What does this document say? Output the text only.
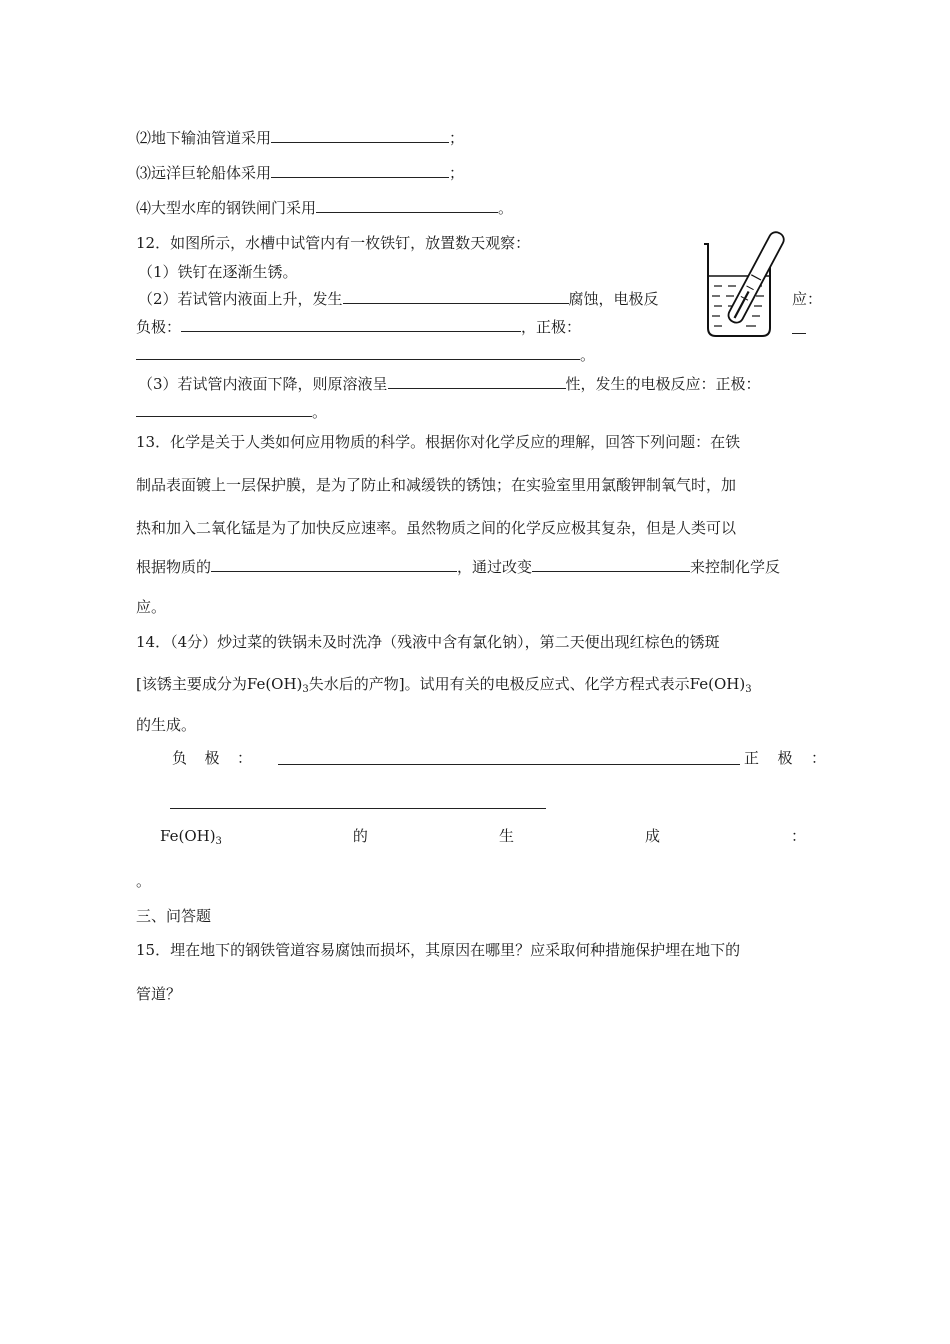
⑵地下输油管道采用	；
⑶远洋巨轮船体采用	；
⑷大型水库的钢铁闸门采用	。
12．如图所示，水槽中试管内有一枚铁钉，放置数天观察：
（1）铁钉在逐渐生锈。
（2）若试管内液面上升，发生	腐蚀，电极反	应：
负极：	，正极：
。
（3）若试管内液面下降，则原溶液呈	性，发生的电极反应：正极：
。
13．化学是关于人类如何应用物质的科学。根据你对化学反应的理解，回答下列问题：在铁
制品表面镀上一层保护膜，是为了防止和减缓铁的锈蚀；在实验室里用氯酸钾制氧气时，加
热和加入二氧化锰是为了加快反应速率。虽然物质之间的化学反应极其复杂，但是人类可以
根据物质的	，通过改变	来控制化学反
应。
14．（4分）炒过菜的铁锅未及时洗净（残液中含有氯化钠），第二天便出现红棕色的锈斑
[该锈主要成分为$Fe(OH)_3$失水后的产物]。试用有关的电极反应式、化学方程式表示$Fe(OH)_3$
的生成。
负 极 ：	正 极 ：
$Fe(OH)_3$	的	生	成	：
。
三、问答题
15．埋在地下的钢铁管道容易腐蚀而损坏，其原因在哪里？应采取何种措施保护埋在地下的
管道？
